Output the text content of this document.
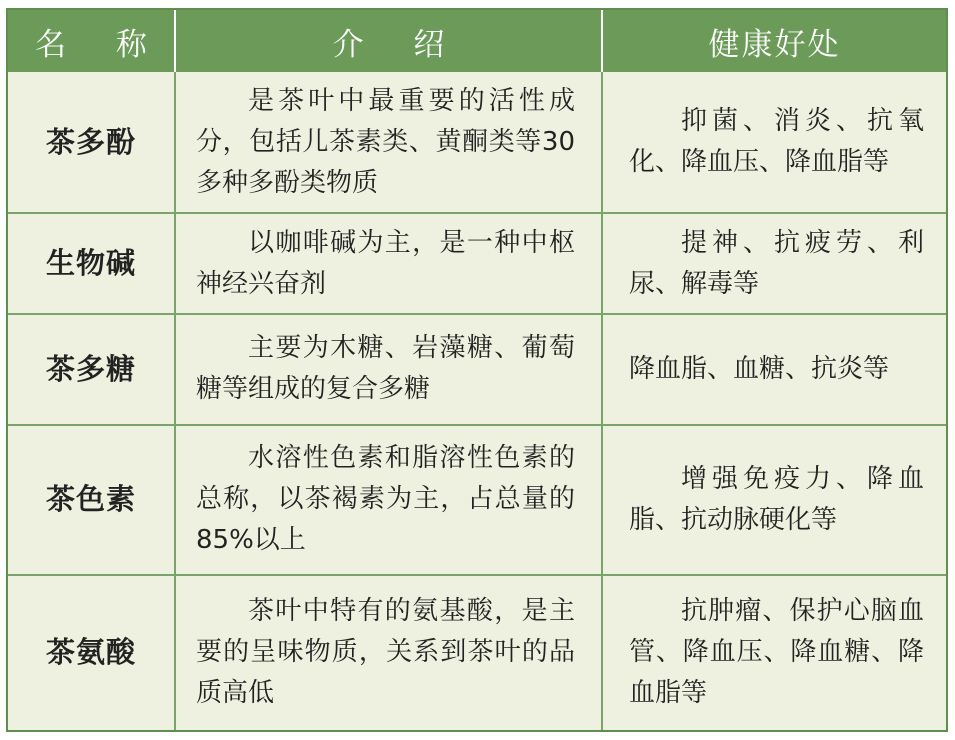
名 称	介 绍	健康好处
茶多酚	是茶叶中最重要的活性成分，包括儿茶素类、黄酮类等30多种多酚类物质	抑菌、消炎、抗氧化、降血压、降血脂等
生物碱	以咖啡碱为主，是一种中枢神经兴奋剂	提神、抗疲劳、利尿、解毒等
茶多糖	主要为木糖、岩藻糖、葡萄糖等组成的复合多糖	降血脂、血糖、抗炎等
茶色素	水溶性色素和脂溶性色素的总称，以茶褐素为主，占总量的85%以上	增强免疫力、降血脂、抗动脉硬化等
茶氨酸	茶叶中特有的氨基酸，是主要的呈味物质，关系到茶叶的品质高低	抗肿瘤、保护心脑血管、降血压、降血糖、降血脂等
